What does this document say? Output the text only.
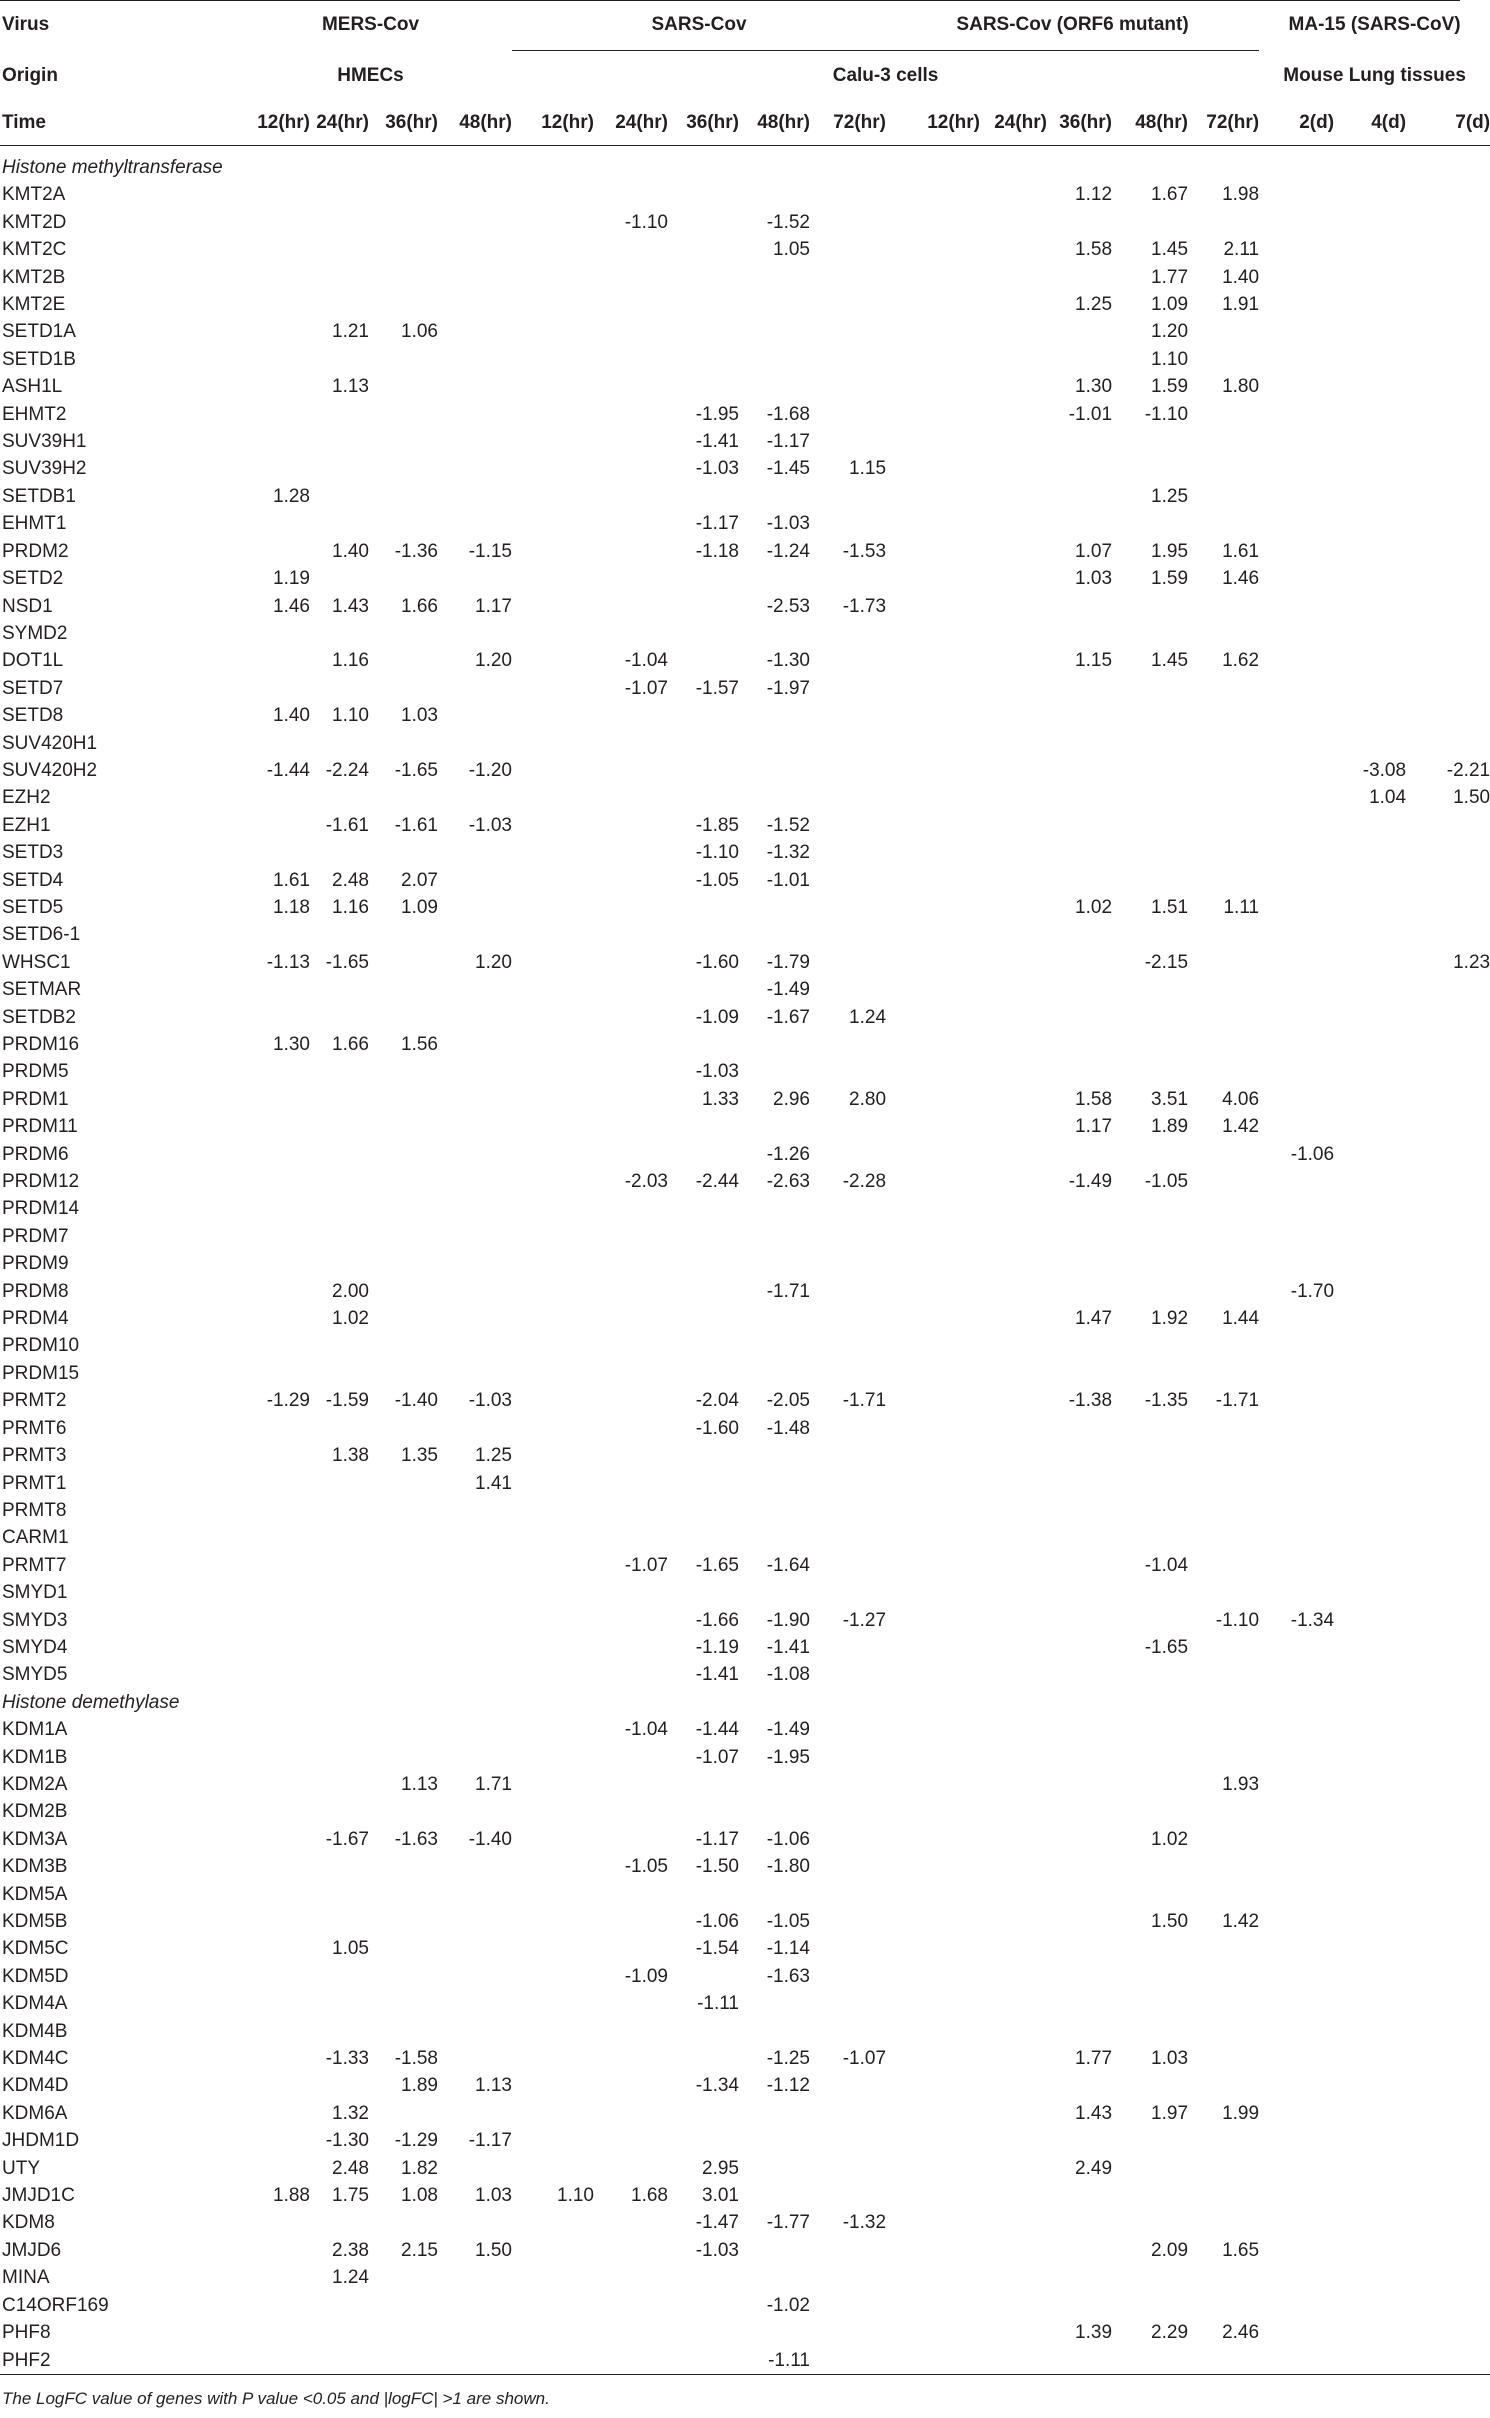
Virus	MERS-Cov				SARS-Cov					SARS-Cov (ORF6 mutant)					MA-15 (SARS-CoV)		
Origin	HMECs				Calu-3 cells										Mouse Lung tissues		
Time	12(hr)	24(hr)	36(hr)	48(hr)	12(hr)	24(hr)	36(hr)	48(hr)	72(hr)	12(hr)	24(hr)	36(hr)	48(hr)	72(hr)	2(d)	4(d)	7(d)

Histone methyltransferase																	
KMT2A												1.12	1.67	1.98			
KMT2D						-1.10		-1.52									
KMT2C								1.05				1.58	1.45	2.11			
KMT2B													1.77	1.40			
KMT2E												1.25	1.09	1.91			
SETD1A		1.21	1.06										1.20				
SETD1B													1.10				
ASH1L		1.13										1.30	1.59	1.80			
EHMT2							-1.95	-1.68				-1.01	-1.10				
SUV39H1							-1.41	-1.17									
SUV39H2							-1.03	-1.45	1.15								
SETDB1	1.28												1.25				
EHMT1							-1.17	-1.03									
PRDM2		1.40	-1.36	-1.15			-1.18	-1.24	-1.53			1.07	1.95	1.61			
SETD2	1.19											1.03	1.59	1.46			
NSD1	1.46	1.43	1.66	1.17				-2.53	-1.73								
SYMD2																	
DOT1L		1.16		1.20		-1.04		-1.30				1.15	1.45	1.62			
SETD7						-1.07	-1.57	-1.97									
SETD8	1.40	1.10	1.03														
SUV420H1																	
SUV420H2	-1.44	-2.24	-1.65	-1.20												-3.08	-2.21
EZH2																1.04	1.50
EZH1		-1.61	-1.61	-1.03			-1.85	-1.52									
SETD3							-1.10	-1.32									
SETD4	1.61	2.48	2.07				-1.05	-1.01									
SETD5	1.18	1.16	1.09									1.02	1.51	1.11			
SETD6-1																	
WHSC1	-1.13	-1.65		1.20			-1.60	-1.79					-2.15				1.23
SETMAR								-1.49									
SETDB2							-1.09	-1.67	1.24								
PRDM16	1.30	1.66	1.56														
PRDM5							-1.03										
PRDM1							1.33	2.96	2.80			1.58	3.51	4.06			
PRDM11												1.17	1.89	1.42			
PRDM6								-1.26							-1.06		
PRDM12						-2.03	-2.44	-2.63	-2.28			-1.49	-1.05				
PRDM14																	
PRDM7																	
PRDM9																	
PRDM8		2.00						-1.71							-1.70		
PRDM4		1.02										1.47	1.92	1.44			
PRDM10																	
PRDM15																	
PRMT2	-1.29	-1.59	-1.40	-1.03			-2.04	-2.05	-1.71			-1.38	-1.35	-1.71			
PRMT6							-1.60	-1.48									
PRMT3		1.38	1.35	1.25													
PRMT1				1.41													
PRMT8																	
CARM1																	
PRMT7						-1.07	-1.65	-1.64					-1.04				
SMYD1																	
SMYD3							-1.66	-1.90	-1.27					-1.10	-1.34		
SMYD4							-1.19	-1.41					-1.65				
SMYD5							-1.41	-1.08									
Histone demethylase																	
KDM1A						-1.04	-1.44	-1.49									
KDM1B							-1.07	-1.95									
KDM2A			1.13	1.71										1.93			
KDM2B																	
KDM3A		-1.67	-1.63	-1.40			-1.17	-1.06					1.02				
KDM3B						-1.05	-1.50	-1.80									
KDM5A																	
KDM5B							-1.06	-1.05					1.50	1.42			
KDM5C		1.05					-1.54	-1.14									
KDM5D						-1.09		-1.63									
KDM4A							-1.11										
KDM4B																	
KDM4C		-1.33	-1.58					-1.25	-1.07			1.77	1.03				
KDM4D			1.89	1.13			-1.34	-1.12									
KDM6A		1.32										1.43	1.97	1.99			
JHDM1D		-1.30	-1.29	-1.17													
UTY		2.48	1.82				2.95					2.49					
JMJD1C	1.88	1.75	1.08	1.03	1.10	1.68	3.01										
KDM8							-1.47	-1.77	-1.32								
JMJD6		2.38	2.15	1.50			-1.03						2.09	1.65			
MINA		1.24															
C14ORF169								-1.02									
PHF8												1.39	2.29	2.46			
PHF2								-1.11									
The LogFC value of genes with P value <0.05 and |logFC| >1 are shown.
